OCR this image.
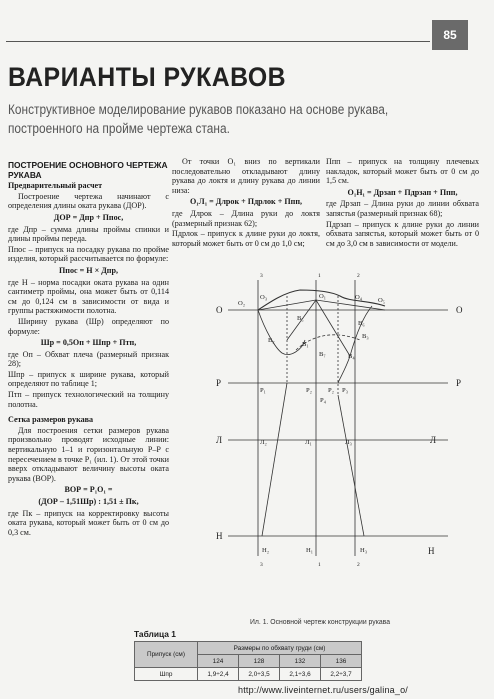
85
ВАРИАНТЫ РУКАВОВ

Конструктивное моделирование рукавов показано на основе рукава, построенного на пройме чертежа стана.

ПОСТРОЕНИЕ ОСНОВНОГО ЧЕРТЕЖА РУКАВА

Предварительный расчет

Построение чертежа начинают с определения длины оката рукава (ДОР).

ДОР = Дпр + Ппос,

где Дпр – сумма длины проймы спинки и длины проймы переда.

Ппос – припуск на посадку рукава по пройме изделия, который рассчитывается по формуле:

Ппос = Н × Дпр,

где Н – норма посадки оката рукава на один сантиметр проймы, она может быть от 0,114 см до 0,124 см в зависимости от вида и группы растяжимости полотна.

Ширину рукава (Шр) определяют по формуле:

Шр = 0,5Оп + Шпр + Птп,

где Оп – Обхват плеча (размерный признак 28);

Шпр – припуск к ширине рукава, который определяют по таблице 1;

Птп – припуск технологический на толщину полотна.

Сетка размеров рукава

Для построения сетки размеров рукава произвольно проводят исходные линии: вертикальную 1–1 и горизонтальную Р–Р с пересечением в точке Р₁ (ил. 1). От этой точки вверх откладывают величину высоты оката рукава (ВОР).

ВОР = Р₁О₁ =

(ДОР – 1,51Шр) : 1,51 ± Пк,

где Пк – припуск на корректировку высоты оката рукава, который может быть от 0 см до 0,3 см.

От точки О₁ вниз по вертикали последовательно откладывают длину рукава до локтя и длину рукава до линии низа:

О₁Л₁ = Длрок + Пдрлок + Ппп,

где Длрок – Длина руки до локтя (размерный признак 62);

Пдрлок – припуск к длине руки до локтя, который может быть от 0 см до 1,0 см;

Ппп – припуск на толщину плечевых накладок, который может быть от 0 см до 1,5 см.

О₁Н₁ = Дрзап + Пдрзап + Ппп,

где Дрзап – Длина руки до линии обхвата запястья (размерный признак 68);

Пдрзап – припуск к длине руки до линии обхвата запястья, который может быть от 0 см до 3,0 см в зависимости от модели.

О	О
Р	Р
Л	Л
Н
Н
О₂
О₁
О₃	О₄ О₅
В₅
В₆
В₂
В₃
В₄
В₁
В₇
Р₁	Р₂	Р₃
Р₄
Р₂
Л₂	Л₁	Л₃
Н₂	Н₁	Н₃
3	1	2
1
3	2
Ил. 1. Основной чертеж конструкции рукава
Таблица 1
Припуск (см)	Размеры по обхвату груди (см)			
	124	128	132	136
Шпр	1,9÷2,4	2,0÷3,5	2,1÷3,6	2,2÷3,7
http://www.liveinternet.ru/users/galina_o/
